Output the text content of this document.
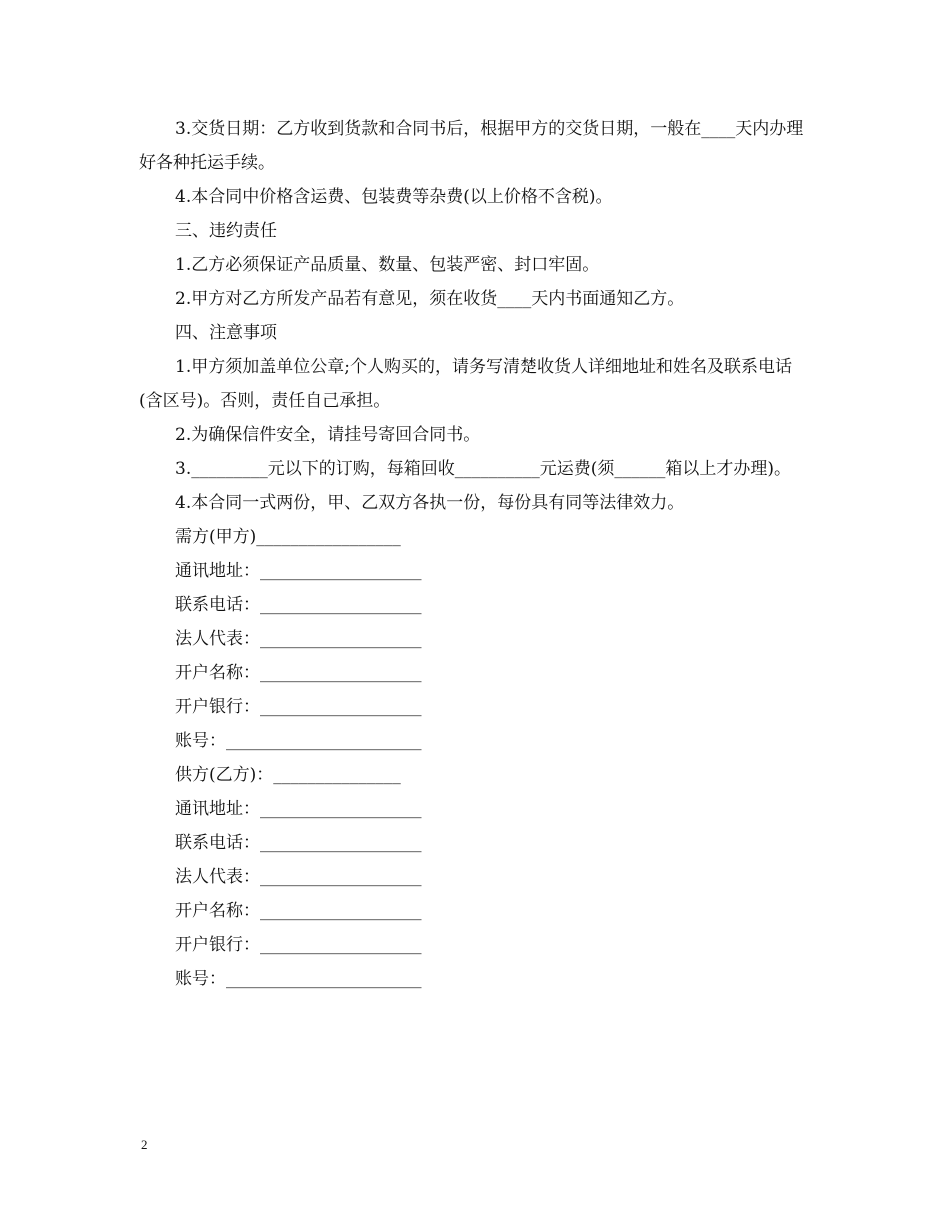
3.交货日期：乙方收到货款和合同书后，根据甲方的交货日期，一般在____天内办理好各种托运手续。

4.本合同中价格含运费、包装费等杂费(以上价格不含税)。

三、违约责任

1.乙方必须保证产品质量、数量、包装严密、封口牢固。

2.甲方对乙方所发产品若有意见，须在收货____天内书面通知乙方。

四、注意事项

1.甲方须加盖单位公章;个人购买的，请务写清楚收货人详细地址和姓名及联系电话(含区号)。否则，责任自己承担。

2.为确保信件安全，请挂号寄回合同书。

3._________元以下的订购，每箱回收__________元运费(须______箱以上才办理)。

4.本合同一式两份，甲、乙双方各执一份，每份具有同等法律效力。

需方(甲方)_________________

通讯地址：___________________

联系电话：___________________

法人代表：___________________

开户名称：___________________

开户银行：___________________

账号：_______________________

供方(乙方)：_______________

通讯地址：___________________

联系电话：___________________

法人代表：___________________

开户名称：___________________

开户银行：___________________

账号：_______________________

2
